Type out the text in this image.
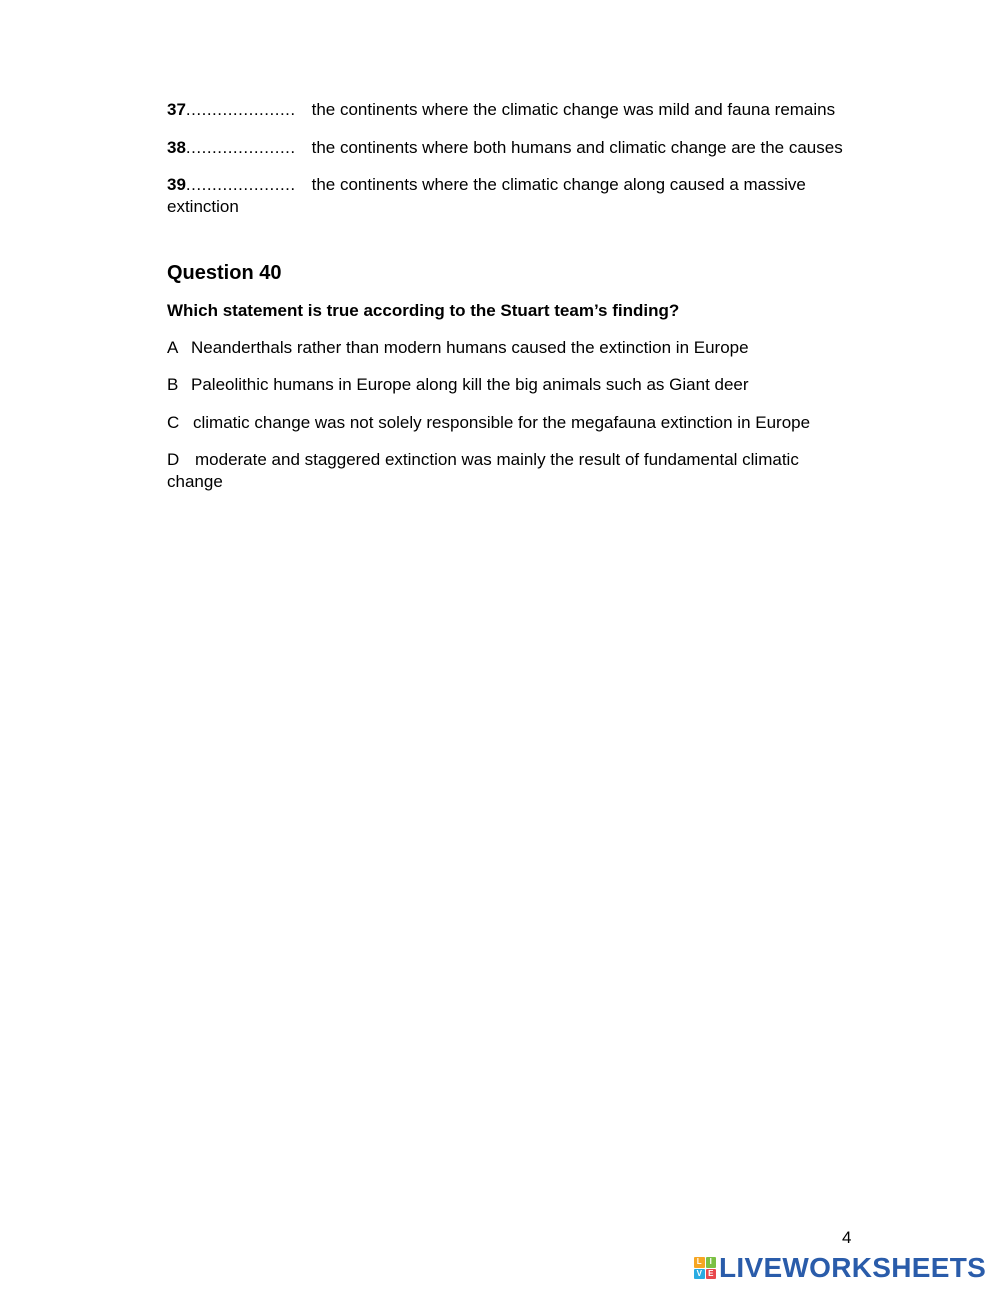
37..................... the continents where the climatic change was mild and fauna remains
38..................... the continents where both humans and climatic change are the causes
39..................... the continents where the climatic change along caused a massive
extinction
Question 40
Which statement is true according to the Stuart team’s finding?
A Neanderthals rather than modern humans caused the extinction in Europe
B Paleolithic humans in Europe along kill the big animals such as Giant deer
C climatic change was not solely responsible for the megafauna extinction in Europe
D moderate and staggered extinction was mainly the result of fundamental climatic
change
4
L I
V E LIVEWORKSHEETS
